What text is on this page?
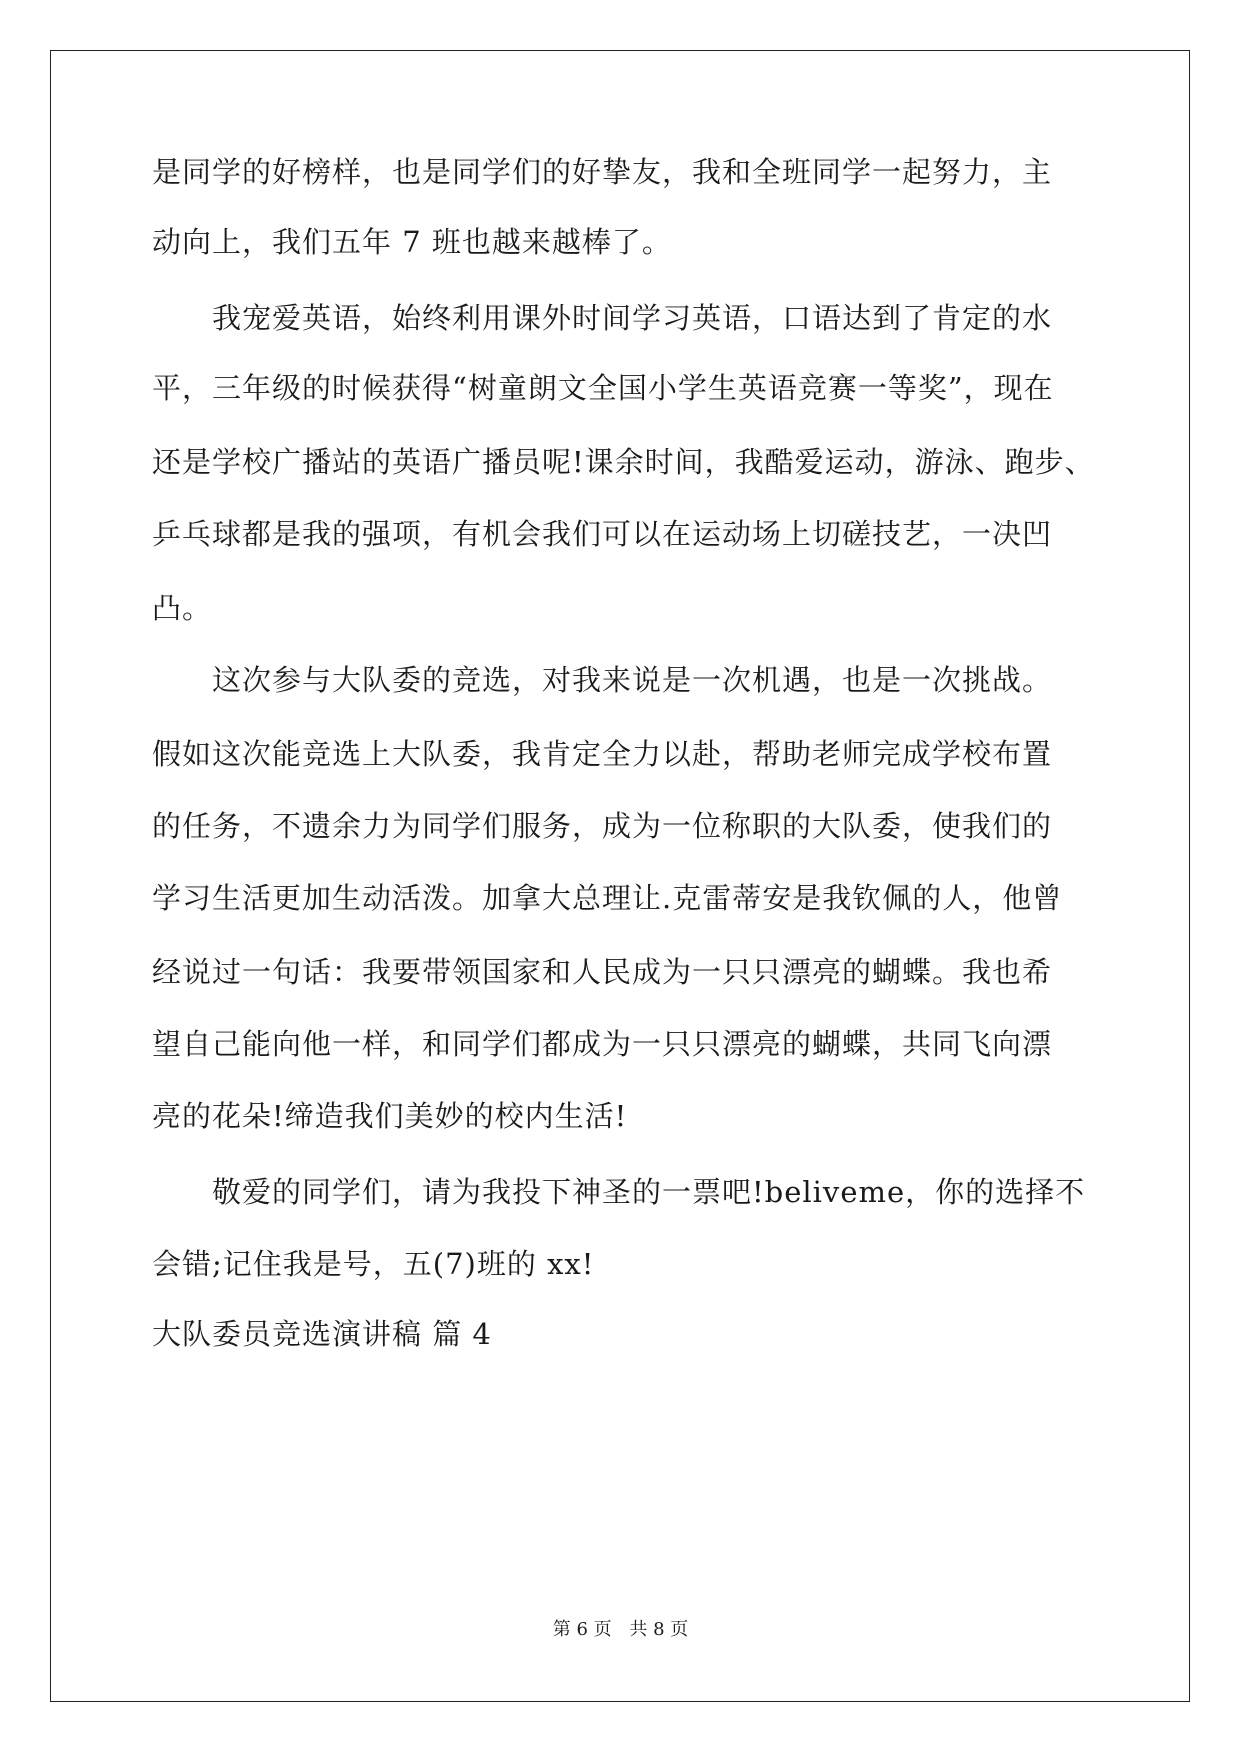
是同学的好榜样，也是同学们的好挚友，我和全班同学一起努力，主
动向上，我们五年 7 班也越来越棒了。
我宠爱英语，始终利用课外时间学习英语，口语达到了肯定的水
平，三年级的时候获得“树童朗文全国小学生英语竞赛一等奖”，现在
还是学校广播站的英语广播员呢!课余时间，我酷爱运动，游泳、跑步、
乒乓球都是我的强项，有机会我们可以在运动场上切磋技艺，一决凹
凸。
这次参与大队委的竞选，对我来说是一次机遇，也是一次挑战。
假如这次能竞选上大队委，我肯定全力以赴，帮助老师完成学校布置
的任务，不遗余力为同学们服务，成为一位称职的大队委，使我们的
学习生活更加生动活泼。加拿大总理让.克雷蒂安是我钦佩的人，他曾
经说过一句话：我要带领国家和人民成为一只只漂亮的蝴蝶。我也希
望自己能向他一样，和同学们都成为一只只漂亮的蝴蝶，共同飞向漂
亮的花朵!缔造我们美妙的校内生活!
敬爱的同学们，请为我投下神圣的一票吧!beliveme，你的选择不
会错;记住我是号，五(7)班的 xx!
大队委员竞选演讲稿 篇 4
第 6 页 共 8 页
